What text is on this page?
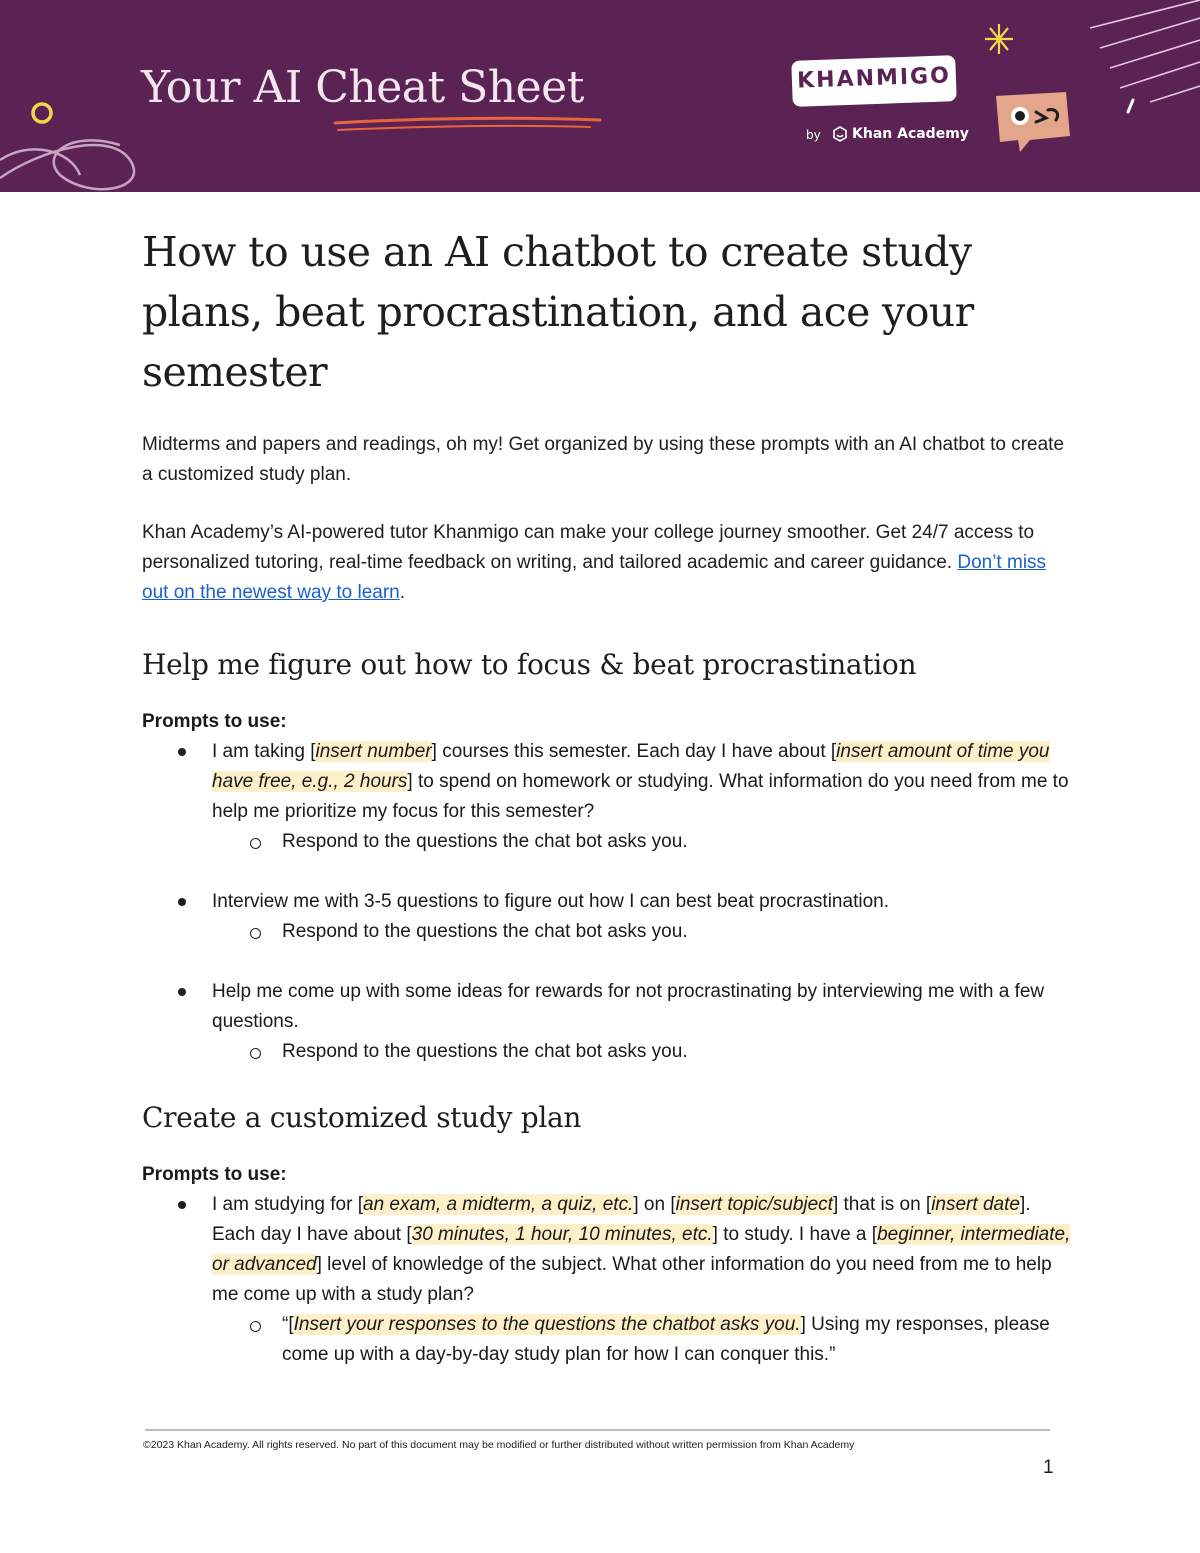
Your AI Cheat Sheet	KHANMIGO
by Khan Academy
How to use an AI chatbot to create study plans, beat procrastination, and ace your semester

Midterms and papers and readings, oh my! Get organized by using these prompts with an AI chatbot to create a customized study plan.

Khan Academy’s AI-powered tutor Khanmigo can make your college journey smoother. Get 24/7 access to personalized tutoring, real-time feedback on writing, and tailored academic and career guidance. Don’t miss out on the newest way to learn.

Help me figure out how to focus & beat procrastination
Prompts to use:
I am taking [insert number] courses this semester. Each day I have about [insert amount of time you have free, e.g., 2 hours] to spend on homework or studying. What information do you need from me to help me prioritize my focus for this semester?
Respond to the questions the chat bot asks you.
Interview me with 3-5 questions to figure out how I can best beat procrastination.
Respond to the questions the chat bot asks you.
Help me come up with some ideas for rewards for not procrastinating by interviewing me with a few questions.
Respond to the questions the chat bot asks you.
Create a customized study plan
Prompts to use:
I am studying for [an exam, a midterm, a quiz, etc.] on [insert topic/subject] that is on [insert date]. Each day I have about [30 minutes, 1 hour, 10 minutes, etc.] to study. I have a [beginner, intermediate, or advanced] level of knowledge of the subject. What other information do you need from me to help me come up with a study plan?
“[Insert your responses to the questions the chatbot asks you.] Using my responses, please come up with a day-by-day study plan for how I can conquer this.”
©2023 Khan Academy. All rights reserved. No part of this document may be modified or further distributed without written permission from Khan Academy
1
